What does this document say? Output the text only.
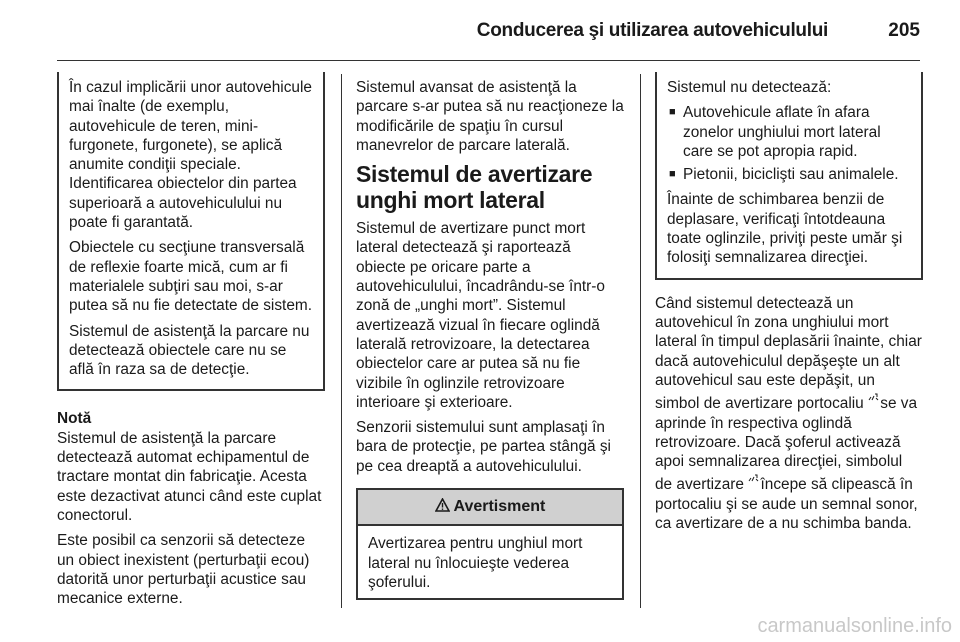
Conducerea şi utilizarea autovehiculului	205

În cazul implicării unor autovehicule mai înalte (de exemplu, autovehicule de teren, mini-furgonete, furgonete), se aplică anumite condiţii speciale. Identificarea obiectelor din partea superioară a autovehiculului nu poate fi garantată.

Obiectele cu secţiune transversală de reflexie foarte mică, cum ar fi materialele subţiri sau moi, s-ar putea să nu fie detectate de sistem.

Sistemul de asistenţă la parcare nu detectează obiectele care nu se află în raza sa de detecţie.

Notă

Sistemul de asistenţă la parcare detectează automat echipamentul de tractare montat din fabricaţie. Acesta este dezactivat atunci când este cuplat conectorul.

Este posibil ca senzorii să detecteze un obiect inexistent (perturbaţii ecou) datorită unor perturbaţii acustice sau mecanice externe.

Sistemul avansat de asistenţă la parcare s-ar putea să nu reacţioneze la modificările de spaţiu în cursul manevrelor de parcare laterală.

Sistemul de avertizare unghi mort lateral

Sistemul de avertizare punct mort lateral detectează şi raportează obiecte pe oricare parte a autovehiculului, încadrându-se într-o zonă de „unghi mort”. Sistemul avertizează vizual în fiecare oglindă laterală retrovizoare, la detectarea obiectelor care ar putea să nu fie vizibile în oglinzile retrovizoare interioare şi exterioare.

Senzorii sistemului sunt amplasaţi în bara de protecţie, pe partea stângă şi pe cea dreaptă a autovehiculului.

Avertisment
Avertizarea pentru unghiul mort lateral nu înlocuieşte vederea şoferului.

Sistemul nu detectează:

■ Autovehicule aflate în afara zonelor unghiului mort lateral care se pot apropia rapid.
■ Pietonii, biciclişti sau animalele.

Înainte de schimbarea benzii de deplasare, verificaţi întotdeauna toate oglinzile, priviţi peste umăr şi folosiţi semnalizarea direcţiei.

Când sistemul detectează un autovehicul în zona unghiului mort lateral în timpul deplasării înainte, chiar dacă autovehiculul depăşeşte un alt autovehicul sau este depăşit, un simbol de avertizare portocaliu se va aprinde în respectiva oglindă retrovizoare. Dacă şoferul activează apoi semnalizarea direcţiei, simbolul de avertizare începe să clipească în portocaliu şi se aude un semnal sonor, ca avertizare de a nu schimba banda.

carmanualsonline.info
